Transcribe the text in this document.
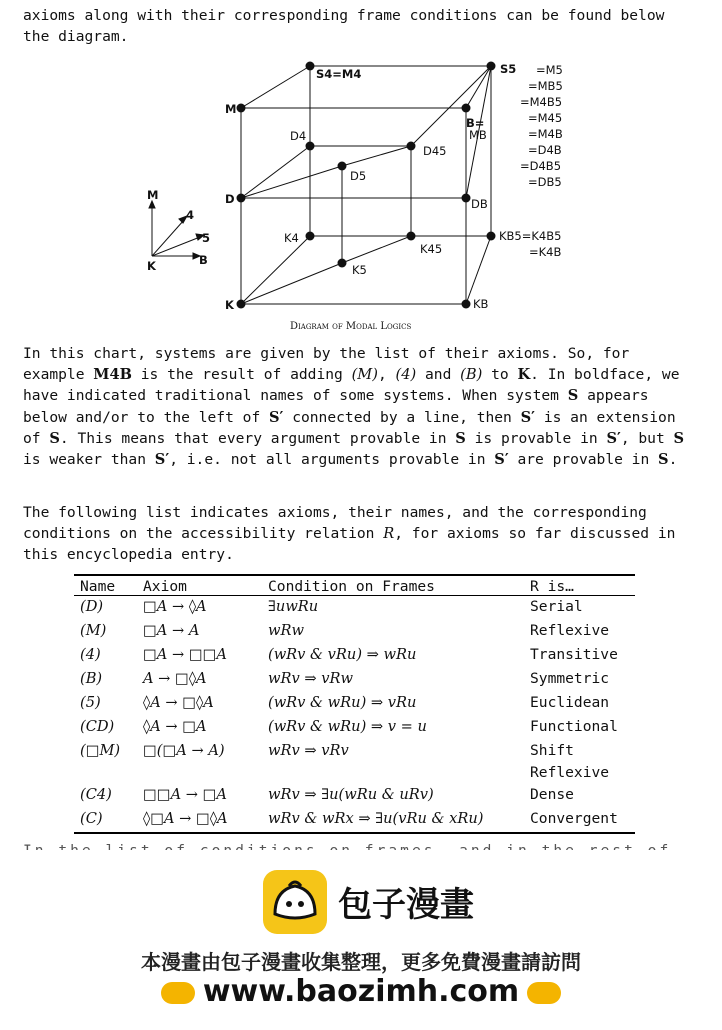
axioms along with their corresponding frame conditions can be found below
the diagram.

S4=M4	S5
M
B=
MB
D4
D45
D5
D	DB
K4
K45
KB5=K4B5
=K4B
K5
K	KB
=M5
=MB5
=M4B5
=M45
=M4B
=D4B
=D4B5
=DB5
M
4
5
B
K
Diagram of Modal Logics

In this chart, systems are given by the list of their axioms. So, for example M4B is the result of adding (M), (4) and (B) to K. In boldface, we have indicated traditional names of some systems. When system S appears below and/or to the left of S′ connected by a line, then S′ is an extension of S. This means that every argument provable in S is provable in S′, but S is weaker than S′, i.e. not all arguments provable in S′ are provable in S.

The following list indicates axioms, their names, and the corresponding conditions on the accessibility relation R, for axioms so far discussed in this encyclopedia entry.

Name	Axiom	Condition on Frames	R is…
(D)	□A → ◊A	∃uwRu	Serial
(M)	□A → A	wRw	Reflexive
(4)	□A → □□A	(wRv & vRu) ⇒ wRu	Transitive
(B)	A → □◊A	wRv ⇒ vRw	Symmetric
(5)	◊A → □◊A	(wRv & wRu) ⇒ vRu	Euclidean
(CD)	◊A → □A	(wRv & wRu) ⇒ v = u	Functional
(□M)	□(□A → A)	wRv ⇒ vRv	Shift Reflexive
(C4)	□□A → □A	wRv ⇒ ∃u(wRu & uRv)	Dense
(C)	◊□A → □◊A	wRv & wRx ⇒ ∃u(vRu & xRu)	Convergent
包子漫畫
本漫畫由包子漫畫收集整理，更多免費漫畫請訪問
www.baozimh.com
